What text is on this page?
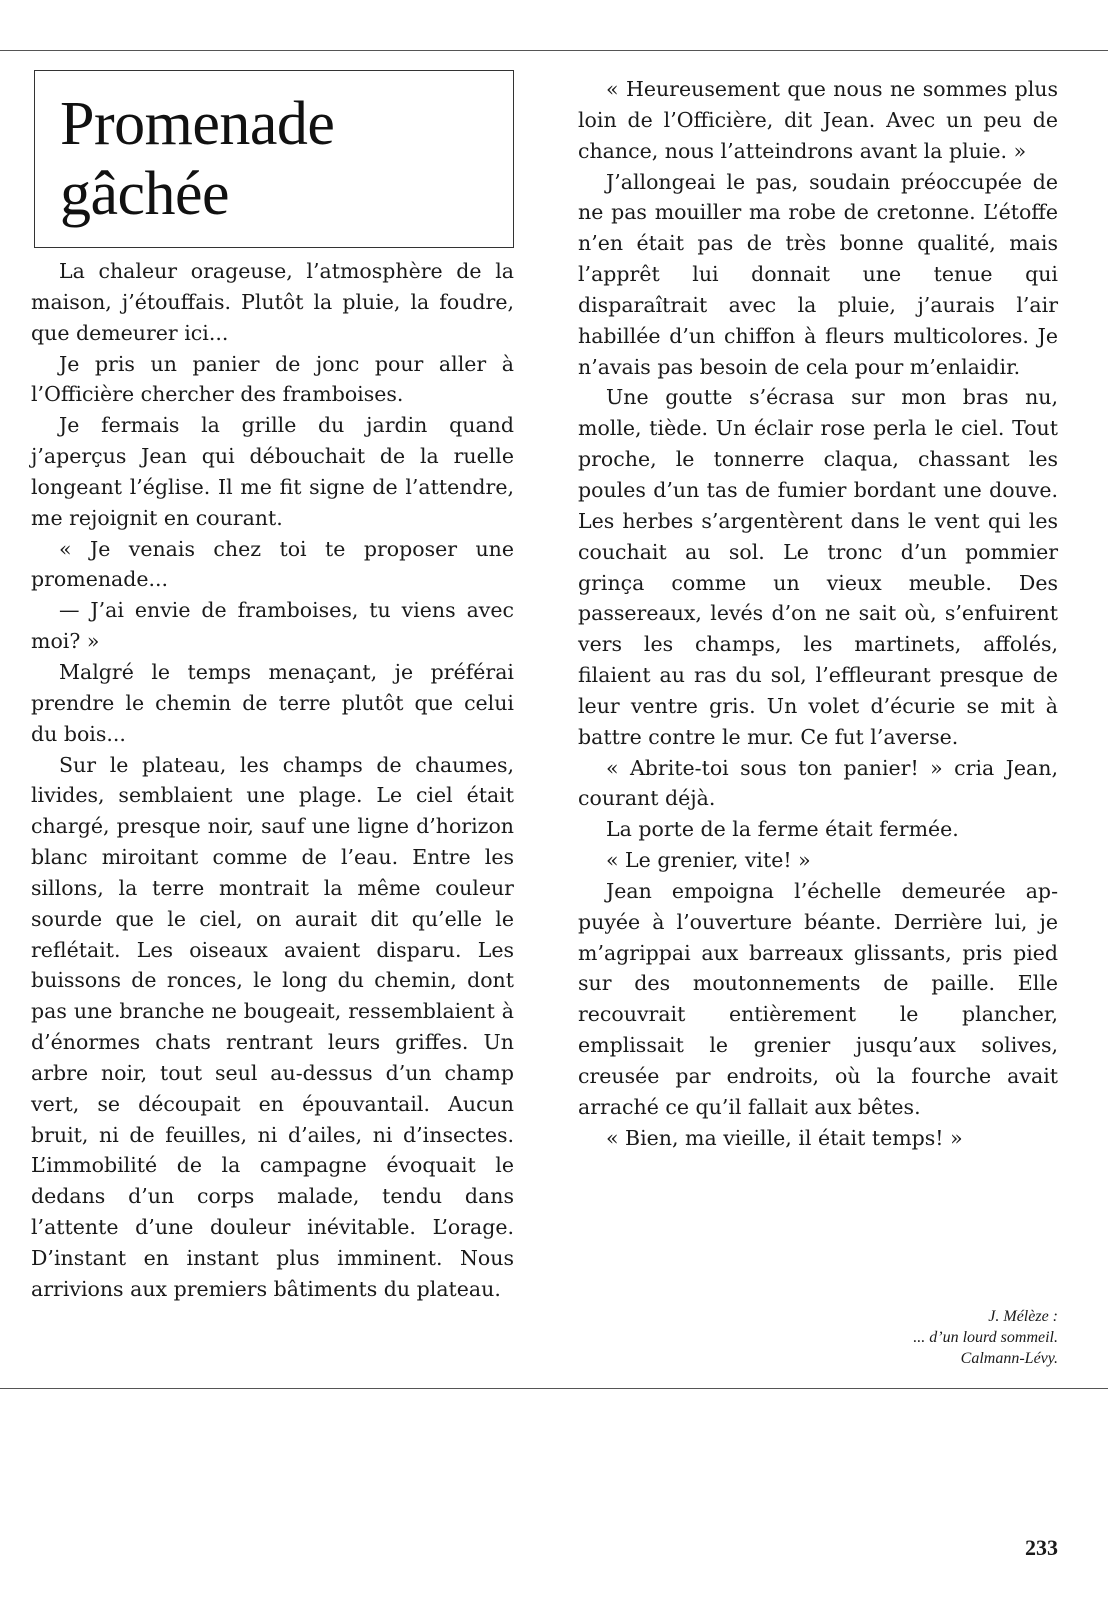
Promenade
gâchée

La chaleur orageuse, l’atmosphère de la maison, j’étouffais. Plutôt la pluie, la foudre, que demeurer ici...

Je pris un panier de jonc pour aller à l’Officière chercher des framboises.

Je fermais la grille du jardin quand j’aperçus Jean qui débouchait de la ruelle longeant l’église. Il me fit signe de l’attendre, me rejoignit en courant.

« Je venais chez toi te proposer une promenade...

— J’ai envie de framboises, tu viens avec moi? »

Malgré le temps menaçant, je préférai prendre le chemin de terre plutôt que celui du bois...

Sur le plateau, les champs de chaumes, livides, semblaient une plage. Le ciel était chargé, presque noir, sauf une ligne d’horizon blanc miroitant comme de l’eau. Entre les sillons, la terre montrait la même couleur sourde que le ciel, on aurait dit qu’elle le reflétait. Les oiseaux avaient disparu. Les buissons de ronces, le long du chemin, dont pas une branche ne bougeait, ressemblaient à d’énormes chats rentrant leurs griffes. Un arbre noir, tout seul au-dessus d’un champ vert, se découpait en épouvantail. Aucun bruit, ni de feuilles, ni d’ailes, ni d’insectes. L’immobilité de la campagne évoquait le dedans d’un corps malade, tendu dans l’attente d’une douleur inévitable. L’orage. D’instant en instant plus imminent. Nous arrivions aux premiers bâtiments du plateau.

« Heureusement que nous ne sommes plus loin de l’Officière, dit Jean. Avec un peu de chance, nous l’atteindrons avant la pluie. »

J’allongeai le pas, soudain préoccupée de ne pas mouiller ma robe de cretonne. L’étoffe n’en était pas de très bonne qualité, mais l’apprêt lui donnait une tenue qui disparaîtrait avec la pluie, j’aurais l’air habillée d’un chiffon à fleurs multicolores. Je n’avais pas besoin de cela pour m’enlaidir.

Une goutte s’écrasa sur mon bras nu, molle, tiède. Un éclair rose perla le ciel. Tout proche, le tonnerre claqua, chassant les poules d’un tas de fumier bordant une douve. Les herbes s’argentèrent dans le vent qui les couchait au sol. Le tronc d’un pommier grinça comme un vieux meuble. Des passereaux, levés d’on ne sait où, s’enfuirent vers les champs, les martinets, affolés, filaient au ras du sol, l’effleurant presque de leur ventre gris. Un volet d’écurie se mit à battre contre le mur. Ce fut l’averse.

« Abrite-toi sous ton panier! » cria Jean, courant déjà.

La porte de la ferme était fermée.

« Le grenier, vite! »

Jean empoigna l’échelle demeurée appuyée à l’ouverture béante. Derrière lui, je m’agrippai aux barreaux glissants, pris pied sur des moutonnements de paille. Elle recouvrait entièrement le plancher, emplissait le grenier jusqu’aux solives, creusée par endroits, où la fourche avait arraché ce qu’il fallait aux bêtes.

« Bien, ma vieille, il était temps! »

J. Mélèze :
... d’un lourd sommeil.
Calmann-Lévy.
233
